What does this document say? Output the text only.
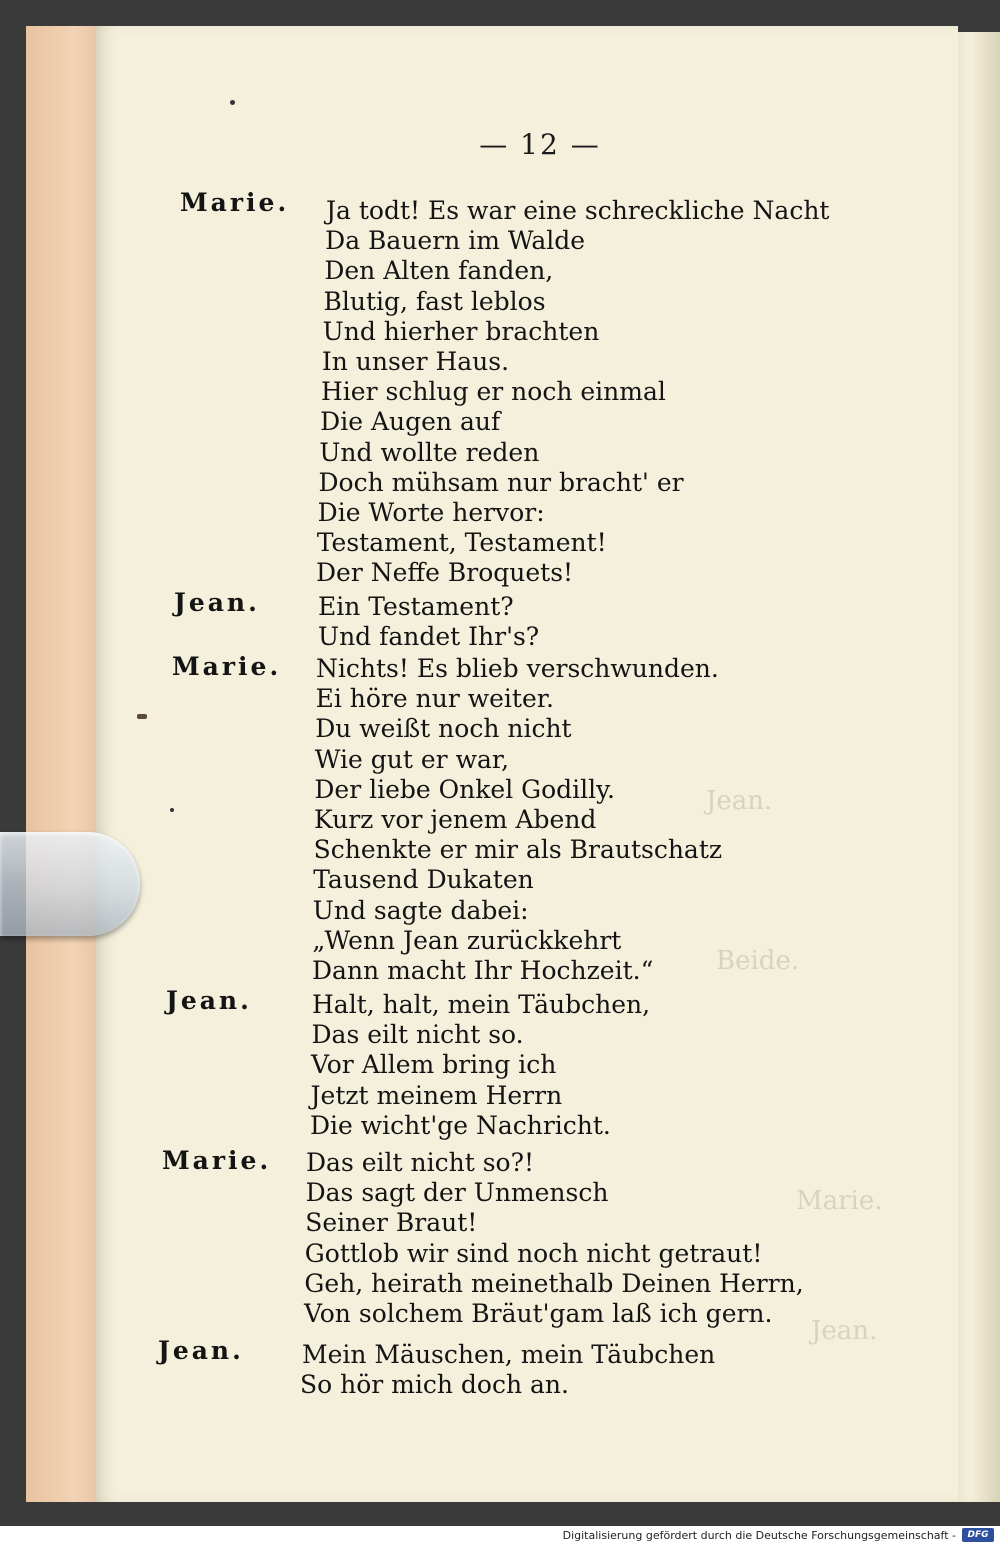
Jean.
Beide.
Marie.
Jean.
— 12 —
Marie. Ja todt! Es war eine schreckliche Nacht
Da Bauern im Walde
Den Alten fanden,
Blutig, fast leblos
Und hierher brachten
In unser Haus.
Hier schlug er noch einmal
Die Augen auf
Und wollte reden
Doch mühsam nur bracht' er
Die Worte hervor:
Testament, Testament!
Der Neffe Broquets!
Jean. Ein Testament?
Und fandet Ihr's?
Marie. Nichts! Es blieb verschwunden.
Ei höre nur weiter.
Du weißt noch nicht
Wie gut er war,
Der liebe Onkel Godilly.
Kurz vor jenem Abend
Schenkte er mir als Brautschatz
Tausend Dukaten
Und sagte dabei:
„Wenn Jean zurückkehrt
Dann macht Ihr Hochzeit.“
Jean. Halt, halt, mein Täubchen,
Das eilt nicht so.
Vor Allem bring ich
Jetzt meinem Herrn
Die wicht'ge Nachricht.
Marie. Das eilt nicht so?!
Das sagt der Unmensch
Seiner Braut!
Gottlob wir sind noch nicht getraut!
Geh, heirath meinethalb Deinen Herrn,
Von solchem Bräut'gam laß ich gern.
Jean. Mein Mäuschen, mein Täubchen
So hör mich doch an.
Digitalisierung gefördert durch die Deutsche Forschungsgemeinschaft -	DFG
